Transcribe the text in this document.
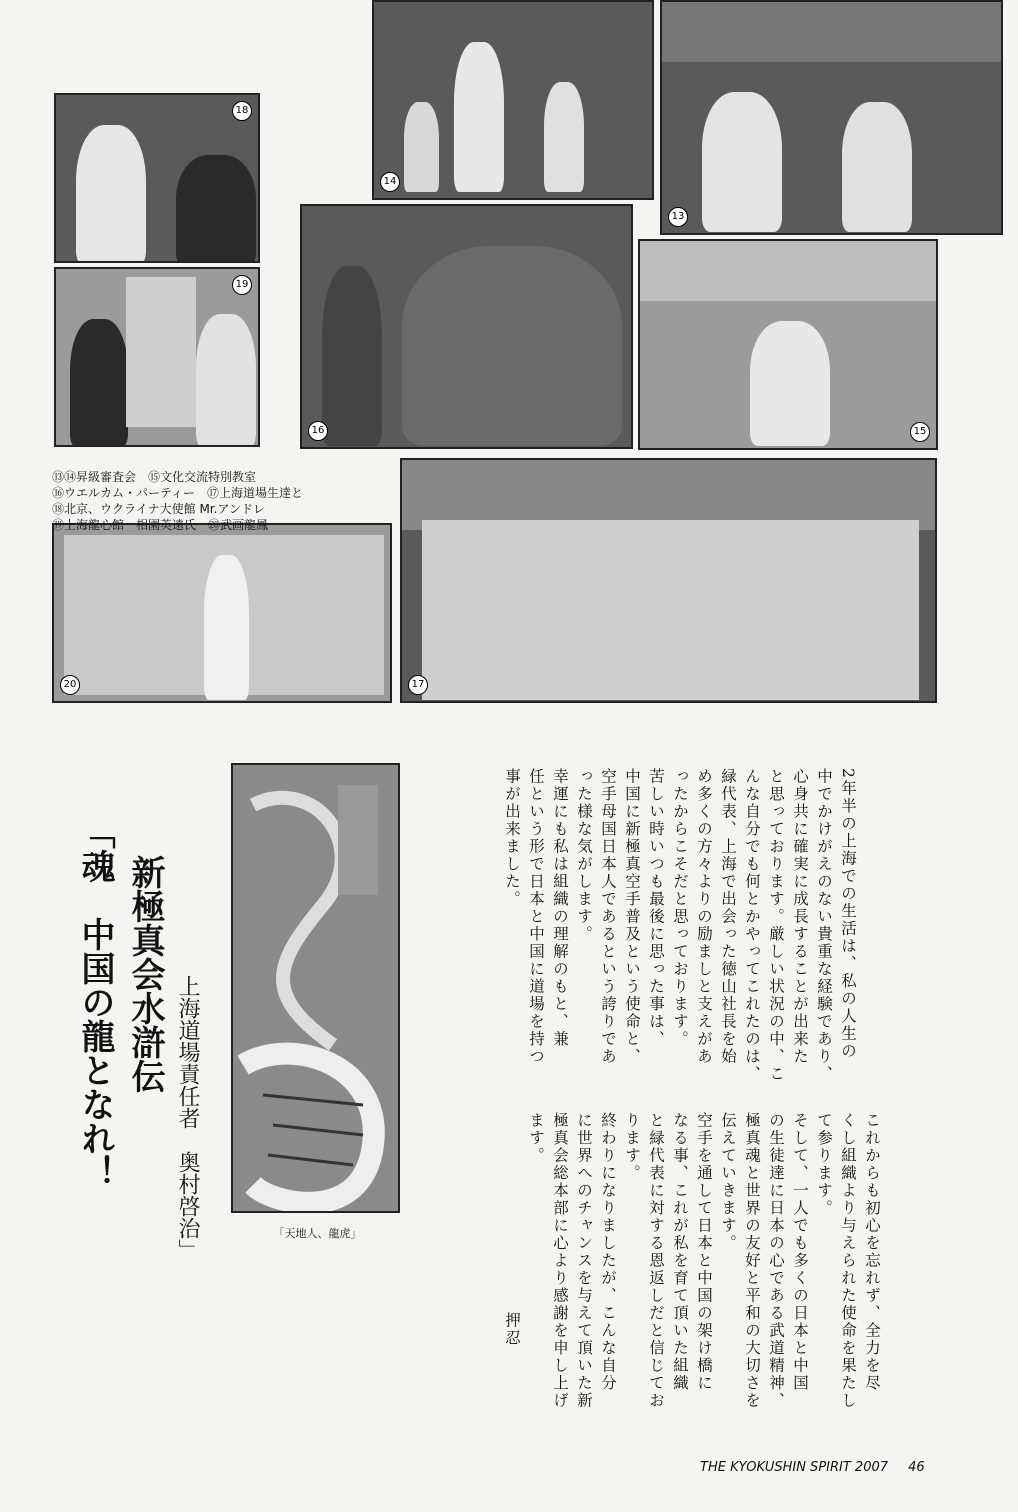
18
19
14
13
16	15
20	17
⑬⑭昇級審査会　⑮文化交流特別教室
⑯ウエルカム・パーティー　⑰上海道場生達と
⑱北京、ウクライナ大使館 Mr.アンドレ
⑲上海龍心館　相園英遠氏　⑳武画龍鳳
上海道場責任者　奥村啓治」
新極真会水滸伝
「魂　中国の龍となれ！
「天地人、龍虎」
2年半の上海での生活は、私の人生の
中でかけがえのない貴重な経験であり、
心身共に確実に成長することが出来た
と思っております。厳しい状況の中、こ
んな自分でも何とかやってこれたのは、
緑代表、上海で出会った徳山社長を始
め多くの方々よりの励ましと支えがあ
ったからこそだと思っております。
苦しい時いつも最後に思った事は、
中国に新極真空手普及という使命と、
空手母国日本人であるという誇りであ
った様な気がします。
幸運にも私は組織の理解のもと、兼
任という形で日本と中国に道場を持つ
事が出来ました。
これからも初心を忘れず、全力を尽
くし組織より与えられた使命を果たし
て参ります。
そして、一人でも多くの日本と中国
の生徒達に日本の心である武道精神、
極真魂と世界の友好と平和の大切さを
伝えていきます。
空手を通して日本と中国の架け橋に
なる事、これが私を育て頂いた組織
と緑代表に対する恩返しだと信じてお
ります。
終わりになりましたが、こんな自分
に世界へのチャンスを与えて頂いた新
極真会総本部に心より感謝を申し上げ
ます。
押忍
THE KYOKUSHIN SPIRIT 2007 46
